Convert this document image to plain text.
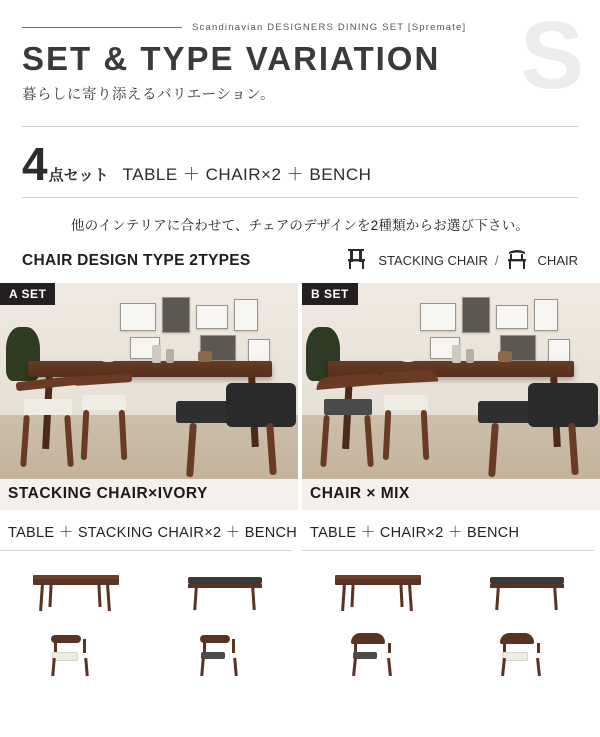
S
Scandinavian DESIGNERS DINING SET [Spremate]
SET & TYPE VARIATION
暮らしに寄り添えるバリエーション。
4 点セット TABLE ＋ CHAIR×2 ＋ BENCH
他のインテリアに合わせて、チェアのデザインを2種類からお選び下さい。
CHAIR DESIGN TYPE 2TYPES	STACKING CHAIR /	CHAIR
A SET
STACKING CHAIR×IVORY
TABLE ＋ STACKING CHAIR×2 ＋ BENCH
B SET
CHAIR × MIX
TABLE ＋ CHAIR×2 ＋ BENCH
